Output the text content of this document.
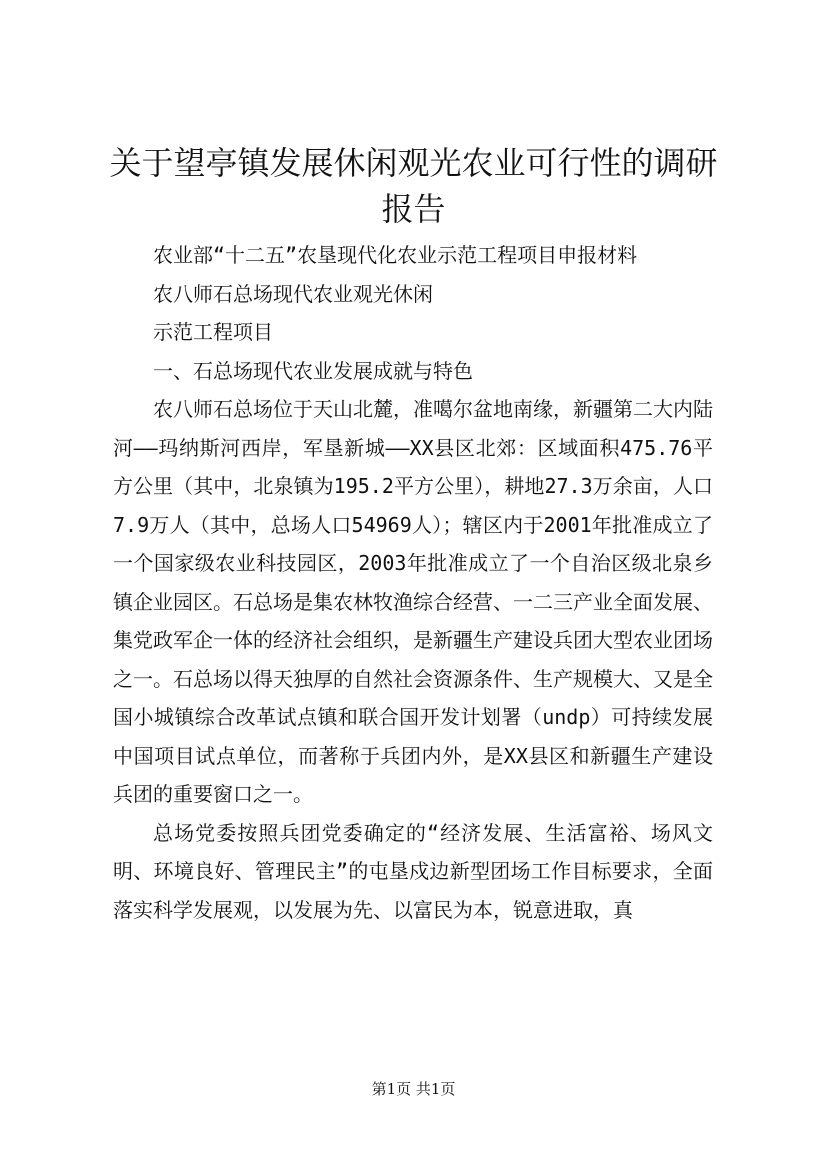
关于望亭镇发展休闲观光农业可行性的调研报告

农业部“十二五”农垦现代化农业示范工程项目申报材料

农八师石总场现代农业观光休闲

示范工程项目

一、石总场现代农业发展成就与特色

农八师石总场位于天山北麓，准噶尔盆地南缘，新疆第二大内陆河——玛纳斯河西岸，军垦新城——XX县区北郊：区域面积475.76平方公里（其中，北泉镇为195.2平方公里），耕地27.3万余亩，人口7.9万人（其中，总场人口54969人）；辖区内于2001年批准成立了一个国家级农业科技园区，2003年批准成立了一个自治区级北泉乡镇企业园区。石总场是集农林牧渔综合经营、一二三产业全面发展、集党政军企一体的经济社会组织，是新疆生产建设兵团大型农业团场之一。石总场以得天独厚的自然社会资源条件、生产规模大、又是全国小城镇综合改革试点镇和联合国开发计划署（undp）可持续发展中国项目试点单位，而著称于兵团内外，是XX县区和新疆生产建设兵团的重要窗口之一。

总场党委按照兵团党委确定的“经济发展、生活富裕、场风文明、环境良好、管理民主”的屯垦戍边新型团场工作目标要求，全面落实科学发展观，以发展为先、以富民为本，锐意进取，真

第1页 共1页
